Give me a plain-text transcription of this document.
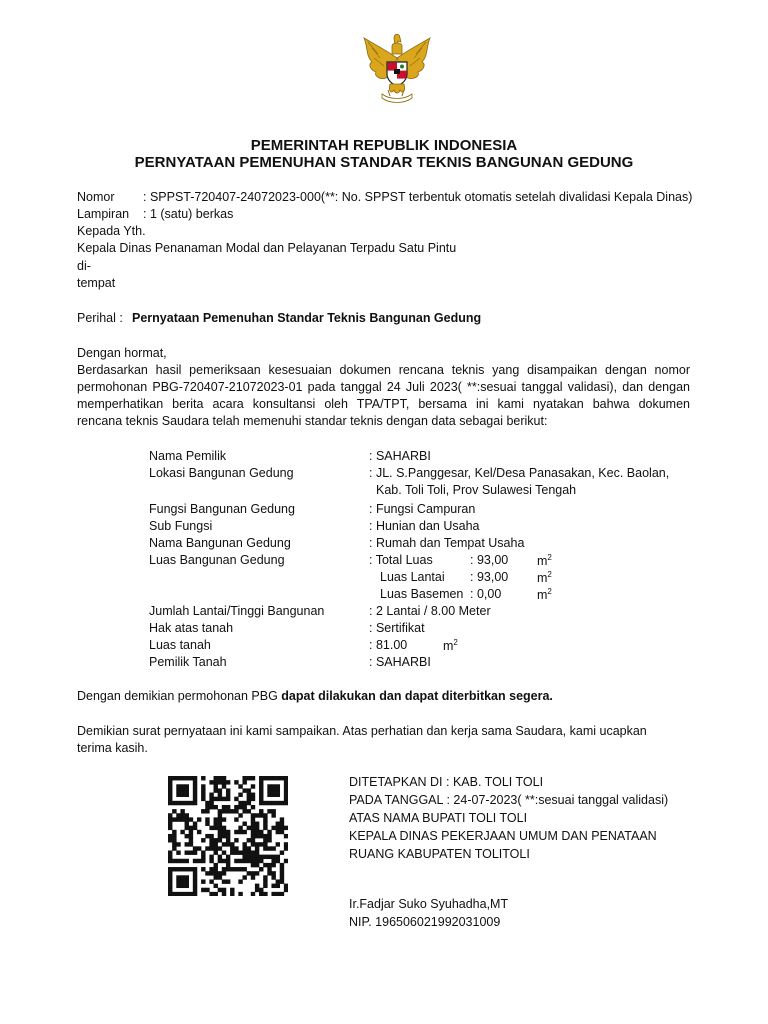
PEMERINTAH REPUBLIK INDONESIA
PERNYATAAN PEMENUHAN STANDAR TEKNIS BANGUNAN GEDUNG
Nomor : SPPST-720407-24072023-000(**: No. SPPST terbentuk otomatis setelah divalidasi Kepala Dinas)
Lampiran : 1 (satu) berkas
Kepada Yth.
Kepala Dinas Penanaman Modal dan Pelayanan Terpadu Satu Pintu
di-
tempat
Perihal : Pernyataan Pemenuhan Standar Teknis Bangunan Gedung
Dengan hormat,
Berdasarkan hasil pemeriksaan kesesuaian dokumen rencana teknis yang disampaikan dengan nomor
permohonan PBG-720407-21072023-01 pada tanggal 24 Juli 2023( **:sesuai tanggal validasi), dan dengan
memperhatikan berita acara konsultansi oleh TPA/TPT, bersama ini kami nyatakan bahwa dokumen
rencana teknis Saudara telah memenuhi standar teknis dengan data sebagai berikut:
Nama Pemilik	: SAHARBI
Lokasi Bangunan Gedung	: JL. S.Panggesar, Kel/Desa Panasakan, Kec. Baolan,
Kab. Toli Toli, Prov Sulawesi Tengah
Fungsi Bangunan Gedung	: Fungsi Campuran
Sub Fungsi	: Hunian dan Usaha
Nama Bangunan Gedung	: Rumah dan Tempat Usaha
Luas Bangunan Gedung	: Total Luas	: 93,00 $m^2$
Luas Lantai : 93,00 $m^2$
Luas Basemen : 0,00	$m^2$
Jumlah Lantai/Tinggi Bangunan	: 2 Lantai / 8.00 Meter
Hak atas tanah	: Sertifikat
Luas tanah	: 81.00	$m^2$
Pemilik Tanah	: SAHARBI
Dengan demikian permohonan PBG dapat dilakukan dan dapat diterbitkan segera.
Demikian surat pernyataan ini kami sampaikan. Atas perhatian dan kerja sama Saudara, kami ucapkan
terima kasih.
DITETAPKAN DI : KAB. TOLI TOLI
PADA TANGGAL : 24-07-2023( **:sesuai tanggal validasi)
ATAS NAMA BUPATI TOLI TOLI
KEPALA DINAS PEKERJAAN UMUM DAN PENATAAN
RUANG KABUPATEN TOLITOLI
Ir.Fadjar Suko Syuhadha,MT
NIP. 196506021992031009
